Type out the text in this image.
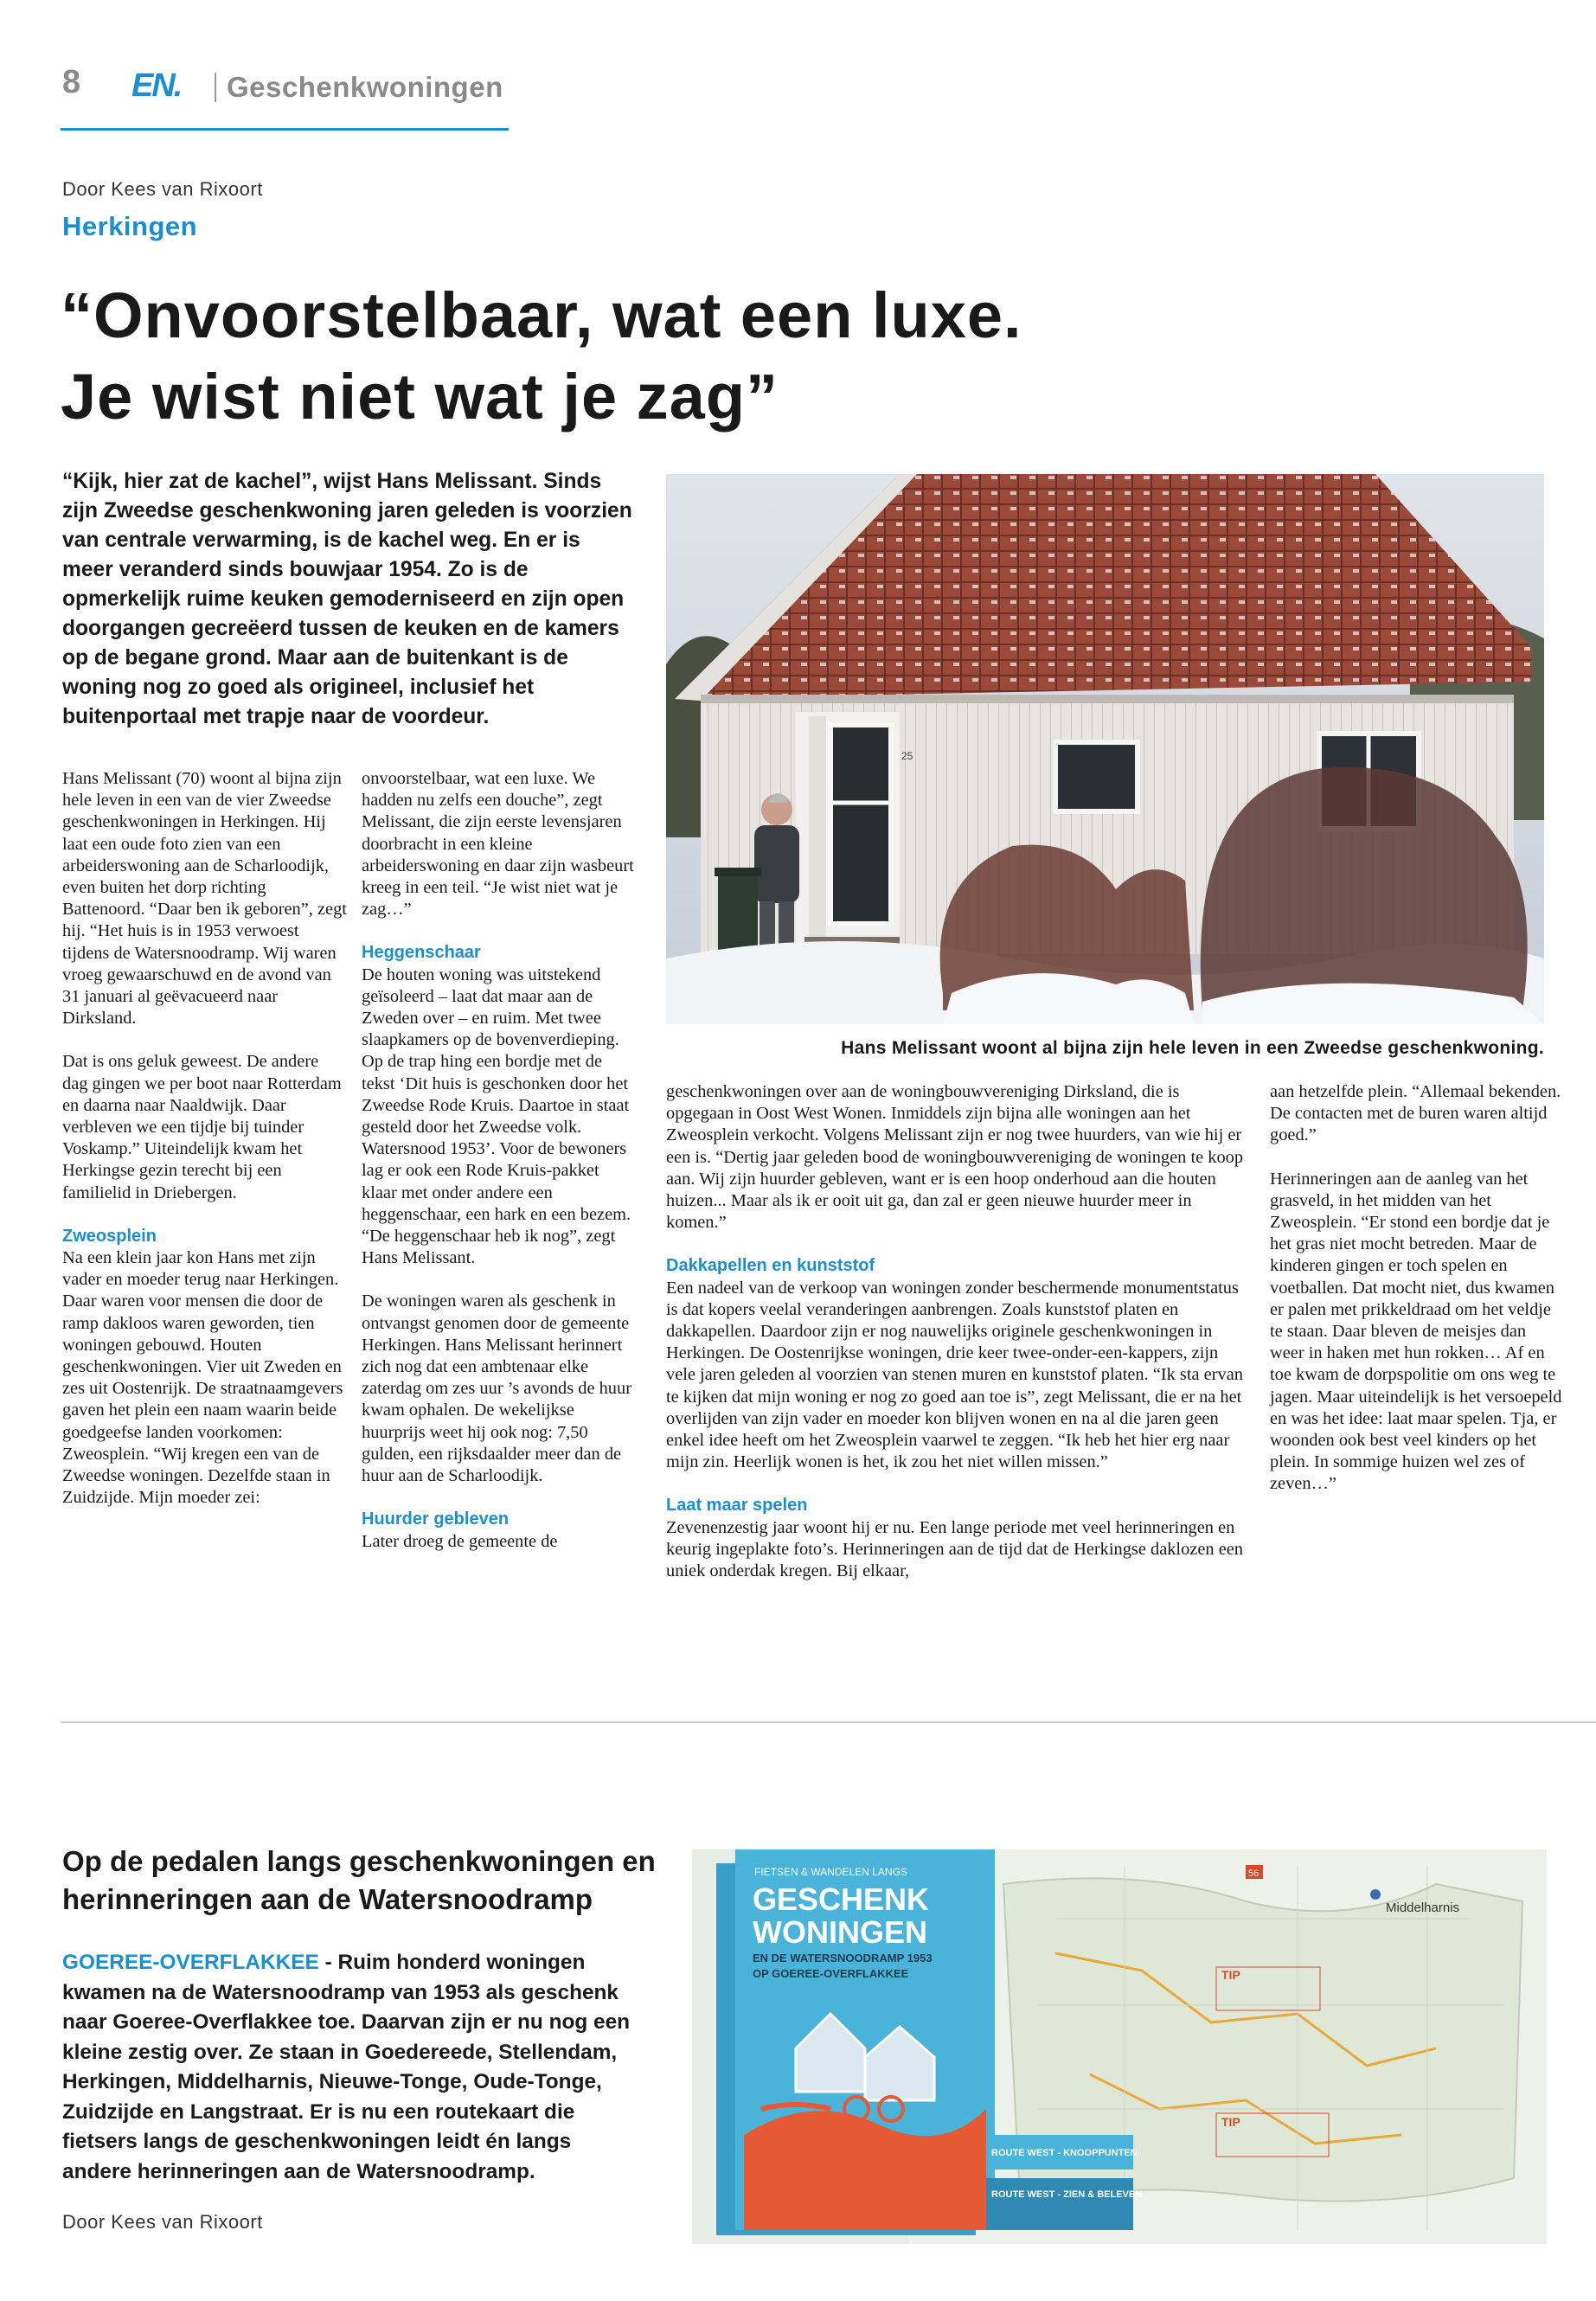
8 EN. Geschenkwoningen
Door Kees van Rixoort
Herkingen
“Onvoorstelbaar, wat een luxe.
Je wist niet wat je zag”
“Kijk, hier zat de kachel”, wijst Hans Melissant. Sinds zijn Zweedse geschenkwoning jaren geleden is voorzien van centrale verwarming, is de kachel weg. En er is meer veranderd sinds bouwjaar 1954. Zo is de opmerkelijk ruime keuken gemoderniseerd en zijn open doorgangen gecreëerd tussen de keuken en de kamers op de begane grond. Maar aan de buitenkant is de woning nog zo goed als origineel, inclusief het buitenportaal met trapje naar de voordeur.

Hans Melissant (70) woont al bijna zijn hele leven in een van de vier Zweedse geschenkwoningen in Herkingen. Hij laat een oude foto zien van een arbeiderswoning aan de Scharloodijk, even buiten het dorp richting Battenoord. “Daar ben ik geboren”, zegt hij. “Het huis is in 1953 verwoest tijdens de Watersnoodramp. Wij waren vroeg gewaarschuwd en de avond van 31 januari al geëvacueerd naar Dirksland.

Dat is ons geluk geweest. De andere dag gingen we per boot naar Rotterdam en daarna naar Naaldwijk. Daar verbleven we een tijdje bij tuinder Voskamp.” Uiteindelijk kwam het Herkingse gezin terecht bij een familielid in Driebergen.

Zweosplein

Na een klein jaar kon Hans met zijn vader en moeder terug naar Herkingen. Daar waren voor mensen die door de ramp dakloos waren geworden, tien woningen gebouwd. Houten geschenkwoningen. Vier uit Zweden en zes uit Oostenrijk. De straatnaamgevers gaven het plein een naam waarin beide goedgeefse landen voorkomen: Zweosplein. “Wij kregen een van de Zweedse woningen. Dezelfde staan in Zuidzijde. Mijn moeder zei:

onvoorstelbaar, wat een luxe. We hadden nu zelfs een douche”, zegt Melissant, die zijn eerste levensjaren doorbracht in een kleine arbeiderswoning en daar zijn wasbeurt kreeg in een teil. “Je wist niet wat je zag…”

Heggenschaar

De houten woning was uitstekend geïsoleerd – laat dat maar aan de Zweden over – en ruim. Met twee slaapkamers op de bovenverdieping. Op de trap hing een bordje met de tekst ‘Dit huis is geschonken door het Zweedse Rode Kruis. Daartoe in staat gesteld door het Zweedse volk. Watersnood 1953’. Voor de bewoners lag er ook een Rode Kruis-pakket klaar met onder andere een heggenschaar, een hark en een bezem. “De heggenschaar heb ik nog”, zegt Hans Melissant.

De woningen waren als geschenk in ontvangst genomen door de gemeente Herkingen. Hans Melissant herinnert zich nog dat een ambtenaar elke zaterdag om zes uur ’s avonds de huur kwam ophalen. De wekelijkse huurprijs weet hij ook nog: 7,50 gulden, een rijksdaalder meer dan de huur aan de Scharloodijk.

Huurder gebleven

Later droeg de gemeente de

25
Hans Melissant woont al bijna zijn hele leven in een Zweedse geschenkwoning.

geschenkwoningen over aan de woningbouwvereniging Dirksland, die is opgegaan in Oost West Wonen. Inmiddels zijn bijna alle woningen aan het Zweosplein verkocht. Volgens Melissant zijn er nog twee huurders, van wie hij er een is. “Dertig jaar geleden bood de woningbouwvereniging de woningen te koop aan. Wij zijn huurder gebleven, want er is een hoop onderhoud aan die houten huizen... Maar als ik er ooit uit ga, dan zal er geen nieuwe huurder meer in komen.”

Dakkapellen en kunststof

Een nadeel van de verkoop van woningen zonder beschermende monumentstatus is dat kopers veelal veranderingen aanbrengen. Zoals kunststof platen en dakkapellen. Daardoor zijn er nog nauwelijks originele geschenkwoningen in Herkingen. De Oostenrijkse woningen, drie keer twee-onder-een-kappers, zijn vele jaren geleden al voorzien van stenen muren en kunststof platen. “Ik sta ervan te kijken dat mijn woning er nog zo goed aan toe is”, zegt Melissant, die er na het overlijden van zijn vader en moeder kon blijven wonen en na al die jaren geen enkel idee heeft om het Zweosplein vaarwel te zeggen. “Ik heb het hier erg naar mijn zin. Heerlijk wonen is het, ik zou het niet willen missen.”

Laat maar spelen

Zevenenzestig jaar woont hij er nu. Een lange periode met veel herinneringen en keurig ingeplakte foto’s. Herinneringen aan de tijd dat de Herkingse daklozen een uniek onderdak kregen. Bij elkaar,

aan hetzelfde plein. “Allemaal bekenden. De contacten met de buren waren altijd goed.”

Herinneringen aan de aanleg van het grasveld, in het midden van het Zweosplein. “Er stond een bordje dat je het gras niet mocht betreden. Maar de kinderen gingen er toch spelen en voetballen. Dat mocht niet, dus kwamen er palen met prikkeldraad om het veldje te staan. Daar bleven de meisjes dan weer in haken met hun rokken… Af en toe kwam de dorpspolitie om ons weg te jagen. Maar uiteindelijk is het versoepeld en was het idee: laat maar spelen. Tja, er woonden ook best veel kinders op het plein. In sommige huizen wel zes of zeven…”

Op de pedalen langs geschenkwoningen en herinneringen aan de Watersnoodramp
GOEREE-OVERFLAKKEE - Ruim honderd woningen kwamen na de Watersnoodramp van 1953 als geschenk naar Goeree-Overflakkee toe. Daarvan zijn er nu nog een kleine zestig over. Ze staan in Goedereede, Stellendam, Herkingen, Middelharnis, Nieuwe-Tonge, Oude-Tonge, Zuidzijde en Langstraat. Er is nu een routekaart die fietsers langs de geschenkwoningen leidt én langs andere herinneringen aan de Watersnoodramp.
Door Kees van Rixoort
Middelharnis
56
TIP
TIP
FIETSEN & WANDELEN LANGS
GESCHENK
WONINGEN
EN DE WATERSNOODRAMP 1953
OP GOEREE-OVERFLAKKEE
ROUTE WEST - KNOOPPUNTEN
ROUTE WEST - ZIEN & BELEVEN
